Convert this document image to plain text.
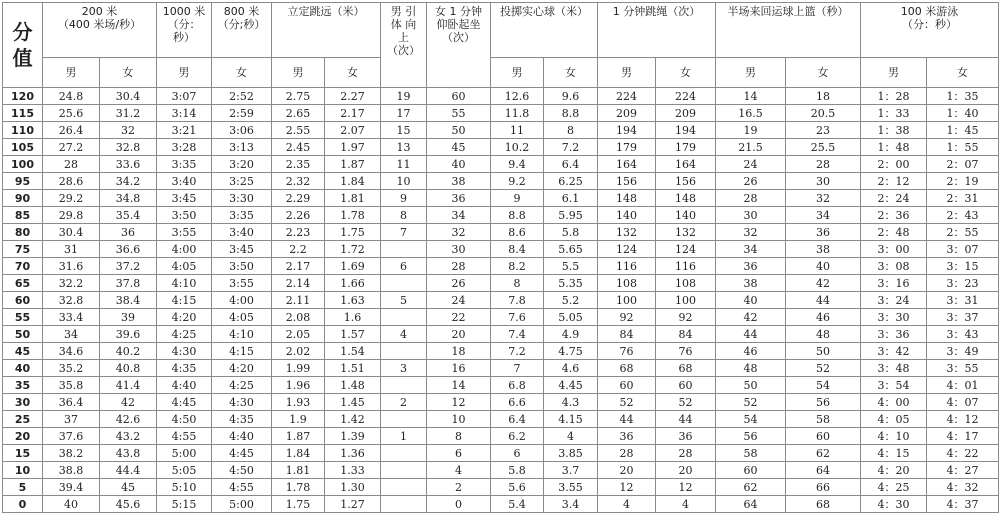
分
值	200 米
（400 米场/秒）		1000 米
（分：
秒）	800 米
（分;秒）	立定跳远（米）		男 引
体 向
上
（次）	女 1 分钟
仰卧起坐
（次）	投掷实心球（米）		1 分钟跳绳（次）		半场来回运球上篮（秒）		100 米游泳
（分：秒）	
	男	女	男	女	男	女			男	女	男	女	男	女	男	女
120	24.8	30.4	3:07	2:52	2.75	2.27	19	60	12.6	9.6	224	224	14	18	1：28	1：35
115	25.6	31.2	3:14	2:59	2.65	2.17	17	55	11.8	8.8	209	209	16.5	20.5	1：33	1：40
110	26.4	32	3:21	3:06	2.55	2.07	15	50	11	8	194	194	19	23	1：38	1：45
105	27.2	32.8	3:28	3:13	2.45	1.97	13	45	10.2	7.2	179	179	21.5	25.5	1：48	1：55
100	28	33.6	3:35	3:20	2.35	1.87	11	40	9.4	6.4	164	164	24	28	2：00	2：07
95	28.6	34.2	3:40	3:25	2.32	1.84	10	38	9.2	6.25	156	156	26	30	2：12	2：19
90	29.2	34.8	3:45	3:30	2.29	1.81	9	36	9	6.1	148	148	28	32	2：24	2：31
85	29.8	35.4	3:50	3:35	2.26	1.78	8	34	8.8	5.95	140	140	30	34	2：36	2：43
80	30.4	36	3:55	3:40	2.23	1.75	7	32	8.6	5.8	132	132	32	36	2：48	2：55
75	31	36.6	4:00	3:45	2.2	1.72		30	8.4	5.65	124	124	34	38	3：00	3：07
70	31.6	37.2	4:05	3:50	2.17	1.69	6	28	8.2	5.5	116	116	36	40	3：08	3：15
65	32.2	37.8	4:10	3:55	2.14	1.66		26	8	5.35	108	108	38	42	3：16	3：23
60	32.8	38.4	4:15	4:00	2.11	1.63	5	24	7.8	5.2	100	100	40	44	3：24	3：31
55	33.4	39	4:20	4:05	2.08	1.6		22	7.6	5.05	92	92	42	46	3：30	3：37
50	34	39.6	4:25	4:10	2.05	1.57	4	20	7.4	4.9	84	84	44	48	3：36	3：43
45	34.6	40.2	4:30	4:15	2.02	1.54		18	7.2	4.75	76	76	46	50	3：42	3：49
40	35.2	40.8	4:35	4:20	1.99	1.51	3	16	7	4.6	68	68	48	52	3：48	3：55
35	35.8	41.4	4:40	4:25	1.96	1.48		14	6.8	4.45	60	60	50	54	3：54	4：01
30	36.4	42	4:45	4:30	1.93	1.45	2	12	6.6	4.3	52	52	52	56	4：00	4：07
25	37	42.6	4:50	4:35	1.9	1.42		10	6.4	4.15	44	44	54	58	4：05	4：12
20	37.6	43.2	4:55	4:40	1.87	1.39	1	8	6.2	4	36	36	56	60	4：10	4：17
15	38.2	43.8	5:00	4:45	1.84	1.36		6	6	3.85	28	28	58	62	4：15	4：22
10	38.8	44.4	5:05	4:50	1.81	1.33		4	5.8	3.7	20	20	60	64	4：20	4：27
5	39.4	45	5:10	4:55	1.78	1.30		2	5.6	3.55	12	12	62	66	4：25	4：32
0	40	45.6	5:15	5:00	1.75	1.27		0	5.4	3.4	4	4	64	68	4：30	4：37
